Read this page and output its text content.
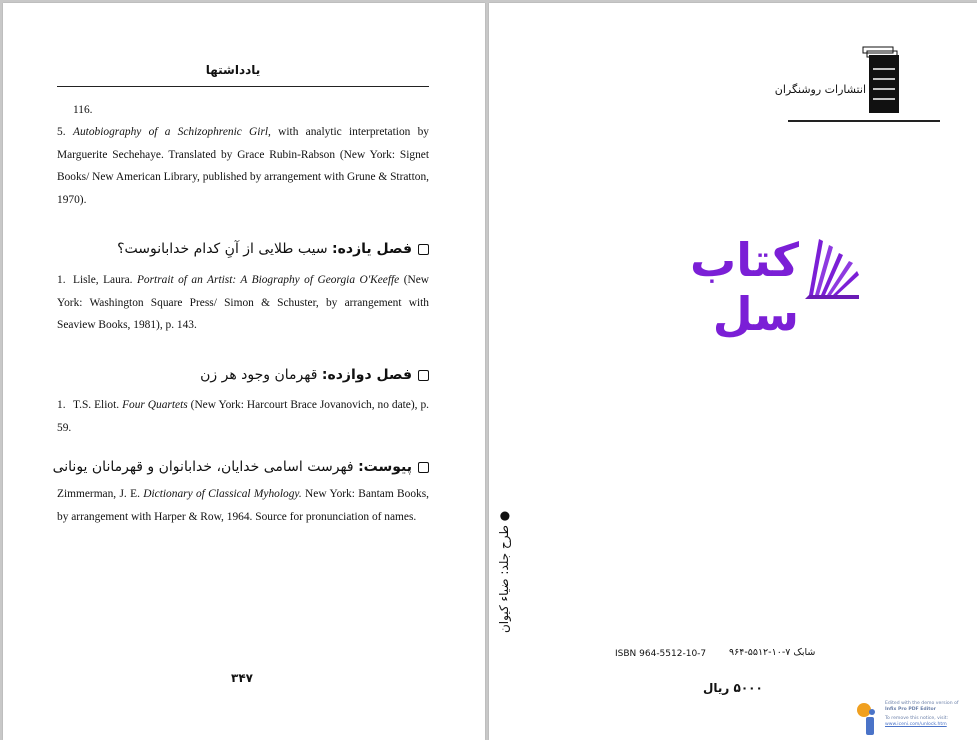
یادداشتها
116.
5. Autobiography of a Schizophrenic Girl, with analytic interpretation by Marguerite Sechehaye. Translated by Grace Rubin-Rabson (New York: Signet Books/ New American Library, published by arrangement with Grune & Stratton, 1970).
فصل یازده: سیب طلایی از آنِ کدام خدابانوست؟
1. Lisle, Laura. Portrait of an Artist: A Biography of Georgia O'Keeffe (New York: Washington Square Press/ Simon & Schuster, by arrangement with Seaview Books, 1981), p. 143.
فصل دوازده: قهرمان وجود هر زن
1. T.S. Eliot. Four Quartets (New York: Harcourt Brace Jovanovich, no date), p. 59.
پیوست: فهرست اسامی خدایان، خدابانوان و قهرمانان یونانی
Zimmerman, J. E. Dictionary of Classical Myhology. New York: Bantam Books, by arrangement with Harper & Row, 1964. Source for pronunciation of names.
۳۴۷
انتشارات روشنگران
کتاب سل
● طرح جلد: ضیاء کیوان
ISBN 964-5512-10-7 شابک ۷-۱۰-۵۵۱۲-۹۶۴
۵۰۰۰ ریال
Edited with the demo version of
Infix Pro PDF Editor
To remove this notice, visit:
www.iceni.com/unlock.htm
